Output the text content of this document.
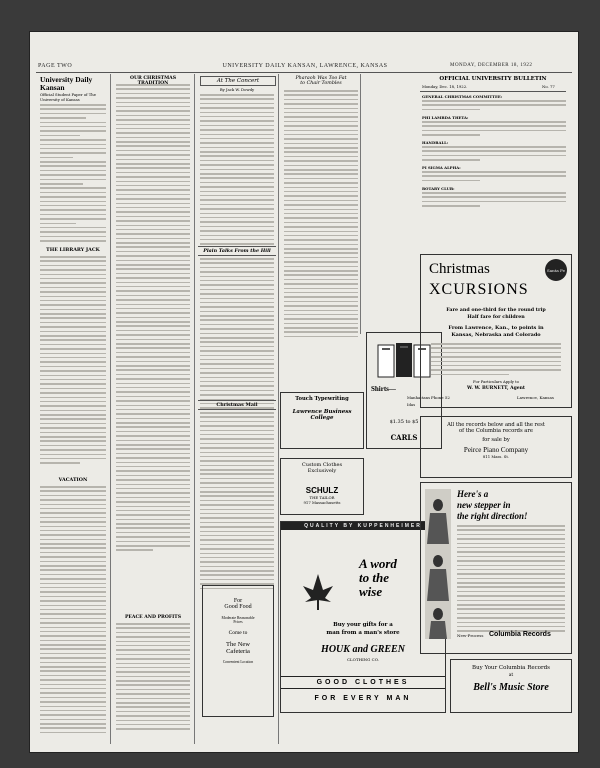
PAGE TWO	UNIVERSITY DAILY KANSAN, LAWRENCE, KANSAS	MONDAY, DECEMBER 18, 1922
University Daily Kansan
Official Student Paper of The University of Kansas
THE LIBRARY JACK
VACATION
OUR CHRISTMAS
PEACE AND PROFITS
At The Concert
By Jack W. Dowdy
Plain Talks From the Hill
Christmas Mail
For
Good Food
Moderate Reasonable
Prices
Come to
The New
Cafeteria
Convenient Location
Pharaoh Was Too Fat
to Chair Tombles
Shirts—
Manhattans
Idas
$1.35 to $5
CARLS
Touch Typewriting
Lawrence Business College
Custom Clothes
Exclusively
SCHULZ
THE TAILOR
917 Massachusetts
QUALITY BY KUPPENHEIMER
A word
to the
wise
Buy your gifts for a
man from a man's store
HOUK and GREEN
CLOTHING CO.
GOOD CLOTHES
FOR EVERY MAN
OFFICIAL UNIVERSITY BULLETIN
Monday, Dec. 18, 1922.	No. 77
GENERAL CHRISTMAS COMMITTEE:
PHI LAMBDA THETA:
HANDBALL:
PI SIGMA ALPHA:
ROTARY CLUB:
Christmas	Santa Fe
XCURSIONS
Fare and one-third for the round trip
Half fare for children
From Lawrence, Kan., to points in
Kansas, Nebraska and Colorado
For Particulars Apply to
W. W. BURNETT, Agent
Phone 52	Lawrence, Kansas
All the records below and all the rest
of the Columbia records are
for sale by
Peirce Piano Company
811 Mass. St.
Here's a
new stepper in
the right direction!
New-Process Columbia Records
Buy Your Columbia Records
at
Bell's Music Store
